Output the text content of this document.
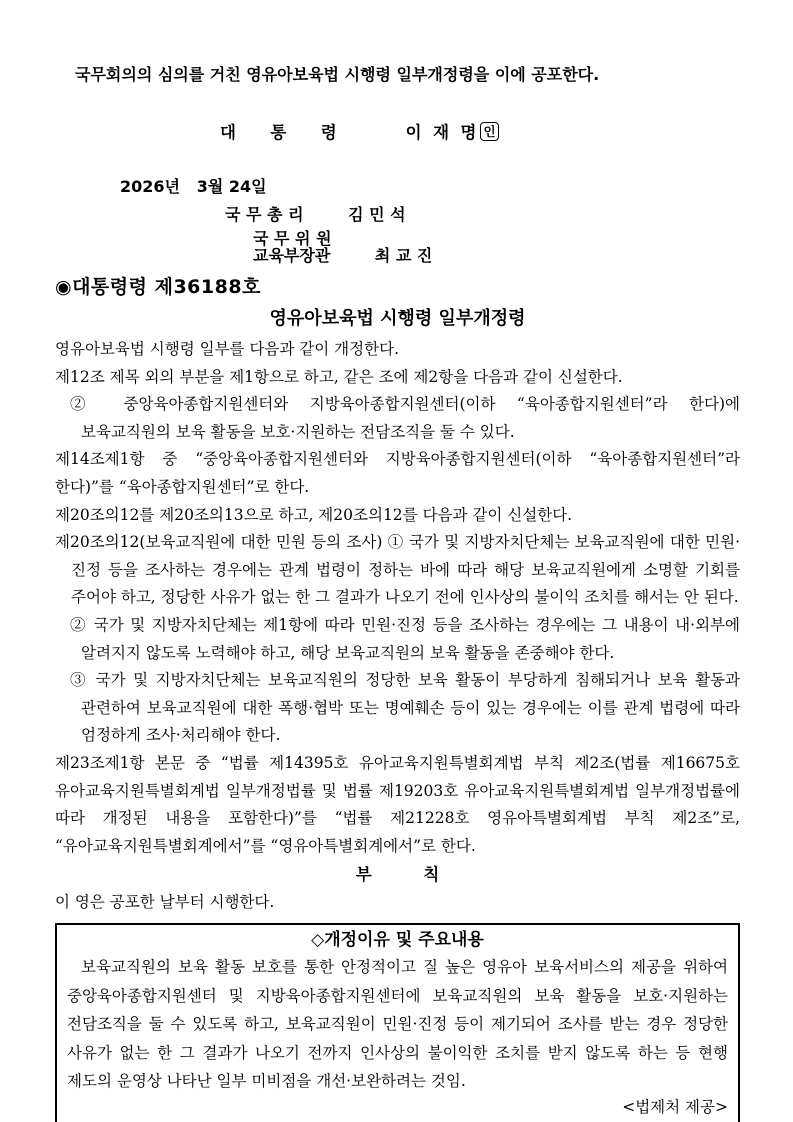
국무회의의 심의를 거친 영유아보육법 시행령 일부개정령을 이에 공포한다.

대      통      령            이  재  명 인

2026년   3월 24일
국 무 총 리        김 민 석
국 무 위 원
교육부장관        최 교 진
◉대통령령 제36188호
영유아보육법 시행령 일부개정령

영유아보육법 시행령 일부를 다음과 같이 개정한다.

제12조 제목 외의 부분을 제1항으로 하고, 같은 조에 제2항을 다음과 같이 신설한다.

② 중앙육아종합지원센터와 지방육아종합지원센터(이하 “육아종합지원센터”라 한다)에 보육교직원의 보육 활동을 보호·지원하는 전담조직을 둘 수 있다.

제14조제1항 중 “중앙육아종합지원센터와 지방육아종합지원센터(이하 “육아종합지원센터”라 한다)”를 “육아종합지원센터”로 한다.

제20조의12를 제20조의13으로 하고, 제20조의12를 다음과 같이 신설한다.

제20조의12(보육교직원에 대한 민원 등의 조사) ① 국가 및 지방자치단체는 보육교직원에 대한 민원·진정 등을 조사하는 경우에는 관계 법령이 정하는 바에 따라 해당 보육교직원에게 소명할 기회를 주어야 하고, 정당한 사유가 없는 한 그 결과가 나오기 전에 인사상의 불이익 조치를 해서는 안 된다.

② 국가 및 지방자치단체는 제1항에 따라 민원·진정 등을 조사하는 경우에는 그 내용이 내·외부에 알려지지 않도록 노력해야 하고, 해당 보육교직원의 보육 활동을 존중해야 한다.

③ 국가 및 지방자치단체는 보육교직원의 정당한 보육 활동이 부당하게 침해되거나 보육 활동과 관련하여 보육교직원에 대한 폭행·협박 또는 명예훼손 등이 있는 경우에는 이를 관계 법령에 따라 엄정하게 조사·처리해야 한다.

제23조제1항 본문 중 “법률 제14395호 유아교육지원특별회계법 부칙 제2조(법률 제16675호 유아교육지원특별회계법 일부개정법률 및 법률 제19203호 유아교육지원특별회계법 일부개정법률에 따라 개정된 내용을 포함한다)”를 “법률 제21228호 영유아특별회계법 부칙 제2조”로, “유아교육지원특별회계에서”를 “영유아특별회계에서”로 한다.

부         칙
이 영은 공포한 날부터 시행한다.
◇개정이유 및 주요내용
보육교직원의 보육 활동 보호를 통한 안정적이고 질 높은 영유아 보육서비스의 제공을 위하여 중앙육아종합지원센터 및 지방육아종합지원센터에 보육교직원의 보육 활동을 보호·지원하는 전담조직을 둘 수 있도록 하고, 보육교직원이 민원·진정 등이 제기되어 조사를 받는 경우 정당한 사유가 없는 한 그 결과가 나오기 전까지 인사상의 불이익한 조치를 받지 않도록 하는 등 현행 제도의 운영상 나타난 일부 미비점을 개선·보완하려는 것임.
<법제처 제공>
